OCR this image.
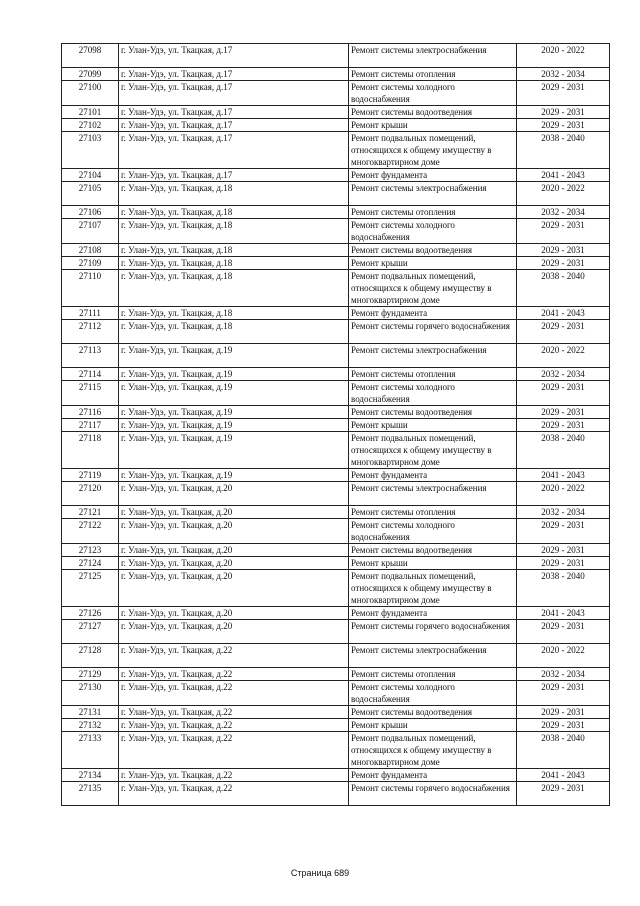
27098	г. Улан-Удэ, ул. Ткацкая, д.17	Ремонт системы электроснабжения	2020 - 2022
27099	г. Улан-Удэ, ул. Ткацкая, д.17	Ремонт системы отопления	2032 - 2034
27100	г. Улан-Удэ, ул. Ткацкая, д.17	Ремонт системы холодного водоснабжения	2029 - 2031
27101	г. Улан-Удэ, ул. Ткацкая, д.17	Ремонт системы водоотведения	2029 - 2031
27102	г. Улан-Удэ, ул. Ткацкая, д.17	Ремонт крыши	2029 - 2031
27103	г. Улан-Удэ, ул. Ткацкая, д.17	Ремонт подвальных помещений, относящихся к общему имуществу в многоквартирном доме	2038 - 2040
27104	г. Улан-Удэ, ул. Ткацкая, д.17	Ремонт фундамента	2041 - 2043
27105	г. Улан-Удэ, ул. Ткацкая, д.18	Ремонт системы электроснабжения	2020 - 2022
27106	г. Улан-Удэ, ул. Ткацкая, д.18	Ремонт системы отопления	2032 - 2034
27107	г. Улан-Удэ, ул. Ткацкая, д.18	Ремонт системы холодного водоснабжения	2029 - 2031
27108	г. Улан-Удэ, ул. Ткацкая, д.18	Ремонт системы водоотведения	2029 - 2031
27109	г. Улан-Удэ, ул. Ткацкая, д.18	Ремонт крыши	2029 - 2031
27110	г. Улан-Удэ, ул. Ткацкая, д.18	Ремонт подвальных помещений, относящихся к общему имуществу в многоквартирном доме	2038 - 2040
27111	г. Улан-Удэ, ул. Ткацкая, д.18	Ремонт фундамента	2041 - 2043
27112	г. Улан-Удэ, ул. Ткацкая, д.18	Ремонт системы горячего водоснабжения	2029 - 2031
27113	г. Улан-Удэ, ул. Ткацкая, д.19	Ремонт системы электроснабжения	2020 - 2022
27114	г. Улан-Удэ, ул. Ткацкая, д.19	Ремонт системы отопления	2032 - 2034
27115	г. Улан-Удэ, ул. Ткацкая, д.19	Ремонт системы холодного водоснабжения	2029 - 2031
27116	г. Улан-Удэ, ул. Ткацкая, д.19	Ремонт системы водоотведения	2029 - 2031
27117	г. Улан-Удэ, ул. Ткацкая, д.19	Ремонт крыши	2029 - 2031
27118	г. Улан-Удэ, ул. Ткацкая, д.19	Ремонт подвальных помещений, относящихся к общему имуществу в многоквартирном доме	2038 - 2040
27119	г. Улан-Удэ, ул. Ткацкая, д.19	Ремонт фундамента	2041 - 2043
27120	г. Улан-Удэ, ул. Ткацкая, д.20	Ремонт системы электроснабжения	2020 - 2022
27121	г. Улан-Удэ, ул. Ткацкая, д.20	Ремонт системы отопления	2032 - 2034
27122	г. Улан-Удэ, ул. Ткацкая, д.20	Ремонт системы холодного водоснабжения	2029 - 2031
27123	г. Улан-Удэ, ул. Ткацкая, д.20	Ремонт системы водоотведения	2029 - 2031
27124	г. Улан-Удэ, ул. Ткацкая, д.20	Ремонт крыши	2029 - 2031
27125	г. Улан-Удэ, ул. Ткацкая, д.20	Ремонт подвальных помещений, относящихся к общему имуществу в многоквартирном доме	2038 - 2040
27126	г. Улан-Удэ, ул. Ткацкая, д.20	Ремонт фундамента	2041 - 2043
27127	г. Улан-Удэ, ул. Ткацкая, д.20	Ремонт системы горячего водоснабжения	2029 - 2031
27128	г. Улан-Удэ, ул. Ткацкая, д.22	Ремонт системы электроснабжения	2020 - 2022
27129	г. Улан-Удэ, ул. Ткацкая, д.22	Ремонт системы отопления	2032 - 2034
27130	г. Улан-Удэ, ул. Ткацкая, д.22	Ремонт системы холодного водоснабжения	2029 - 2031
27131	г. Улан-Удэ, ул. Ткацкая, д.22	Ремонт системы водоотведения	2029 - 2031
27132	г. Улан-Удэ, ул. Ткацкая, д.22	Ремонт крыши	2029 - 2031
27133	г. Улан-Удэ, ул. Ткацкая, д.22	Ремонт подвальных помещений, относящихся к общему имуществу в многоквартирном доме	2038 - 2040
27134	г. Улан-Удэ, ул. Ткацкая, д.22	Ремонт фундамента	2041 - 2043
27135	г. Улан-Удэ, ул. Ткацкая, д.22	Ремонт системы горячего водоснабжения	2029 - 2031
Страница 689
